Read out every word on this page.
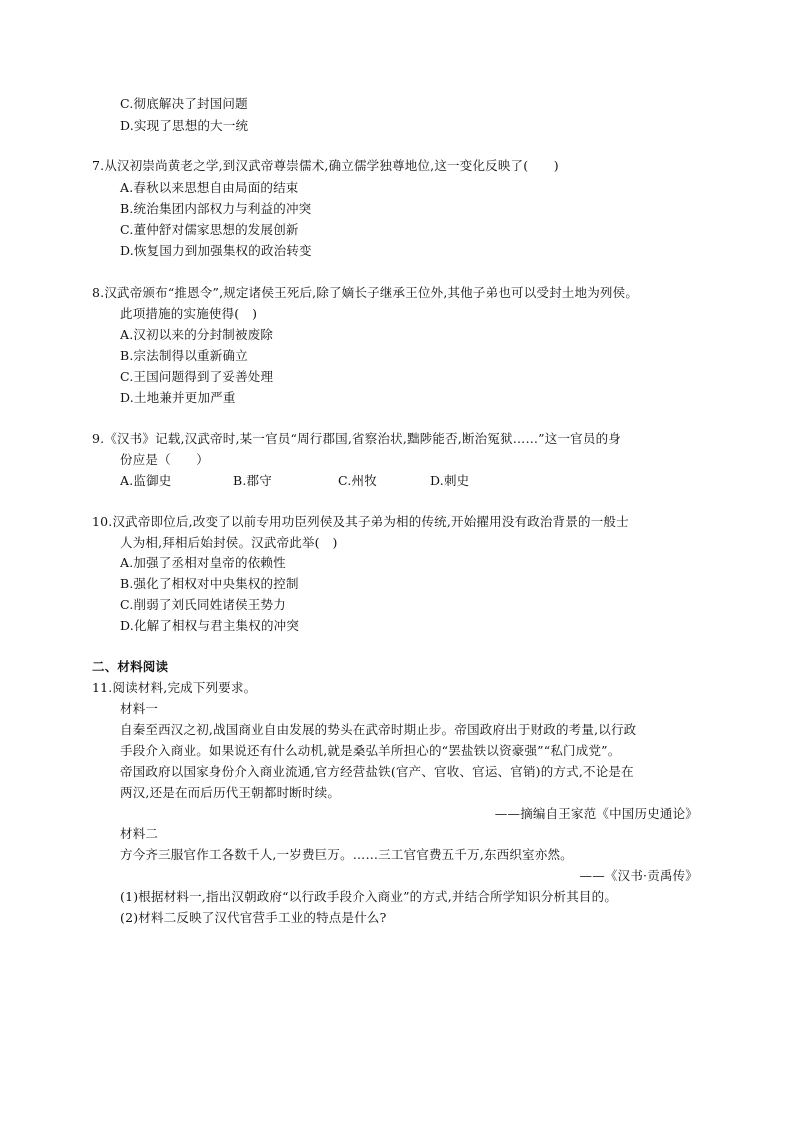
C.彻底解决了封国问题
D.实现了思想的大一统
7.从汉初崇尚黄老之学,到汉武帝尊崇儒术,确立儒学独尊地位,这一变化反映了(　　)
A.春秋以来思想自由局面的结束
B.统治集团内部权力与利益的冲突
C.董仲舒对儒家思想的发展创新
D.恢复国力到加强集权的政治转变
8.汉武帝颁布“推恩令”,规定诸侯王死后,除了嫡长子继承王位外,其他子弟也可以受封土地为列侯。
此项措施的实施使得(　)
A.汉初以来的分封制被废除
B.宗法制得以重新确立
C.王国问题得到了妥善处理
D.土地兼并更加严重
9.《汉书》记载,汉武帝时,某一官员“周行郡国,省察治状,黜陟能否,断治冤狱……”这一官员的身
份应是（　　）
A.监御史	B.郡守	C.州牧	D.刺史
10.汉武帝即位后,改变了以前专用功臣列侯及其子弟为相的传统,开始擢用没有政治背景的一般士
人为相,拜相后始封侯。汉武帝此举(　)
A.加强了丞相对皇帝的依赖性
B.强化了相权对中央集权的控制
C.削弱了刘氏同姓诸侯王势力
D.化解了相权与君主集权的冲突
二、材料阅读
11.阅读材料,完成下列要求。
材料一
自秦至西汉之初,战国商业自由发展的势头在武帝时期止步。帝国政府出于财政的考量,以行政
手段介入商业。如果说还有什么动机,就是桑弘羊所担心的“罢盐铁以资豪强”“私门成党”。
帝国政府以国家身份介入商业流通,官方经营盐铁(官产、官收、官运、官销)的方式,不论是在
两汉,还是在而后历代王朝都时断时续。
——摘编自王家范《中国历史通论》
材料二
方今齐三服官作工各数千人,一岁费巨万。……三工官官费五千万,东西织室亦然。
——《汉书·贡禹传》
(1)根据材料一,指出汉朝政府“以行政手段介入商业”的方式,并结合所学知识分析其目的。
(2)材料二反映了汉代官营手工业的特点是什么?
